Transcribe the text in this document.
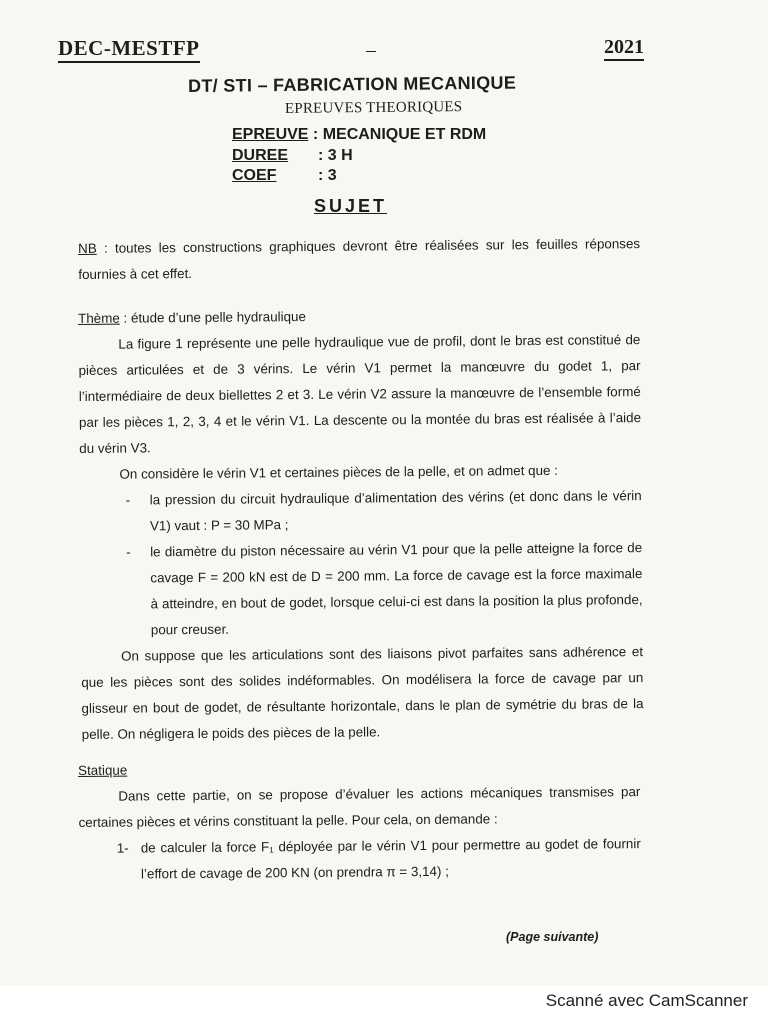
DEC-MESTFP	—	2021
DT/ STI – FABRICATION MECANIQUE
EPREUVES THEORIQUES
EPREUVE : MECANIQUE ET RDM
DUREE : 3 H
COEF	: 3
SUJET

NB : toutes les constructions graphiques devront être réalisées sur les feuilles réponses fournies à cet effet.

Thème : étude d’une pelle hydraulique

La figure 1 représente une pelle hydraulique vue de profil, dont le bras est constitué de pièces articulées et de 3 vérins. Le vérin V1 permet la manœuvre du godet 1, par l’intermédiaire de deux biellettes 2 et 3. Le vérin V2 assure la manœuvre de l’ensemble formé par les pièces 1, 2, 3, 4 et le vérin V1. La descente ou la montée du bras est réalisée à l’aide du vérin V3.

On considère le vérin V1 et certaines pièces de la pelle, et on admet que :

- la pression du circuit hydraulique d’alimentation des vérins (et donc dans le vérin V1) vaut : P = 30 MPa ;

- le diamètre du piston nécessaire au vérin V1 pour que la pelle atteigne la force de cavage F = 200 kN est de D = 200 mm. La force de cavage est la force maximale à atteindre, en bout de godet, lorsque celui-ci est dans la position la plus profonde, pour creuser.

On suppose que les articulations sont des liaisons pivot parfaites sans adhérence et que les pièces sont des solides indéformables. On modélisera la force de cavage par un glisseur en bout de godet, de résultante horizontale, dans le plan de symétrie du bras de la pelle. On négligera le poids des pièces de la pelle.

Statique

Dans cette partie, on se propose d’évaluer les actions mécaniques transmises par certaines pièces et vérins constituant la pelle. Pour cela, on demande :

1- de calculer la force F₁ déployée par le vérin V1 pour permettre au godet de fournir l’effort de cavage de 200 KN (on prendra π = 3,14) ;

(Page suivante)
Scanné avec CamScanner
